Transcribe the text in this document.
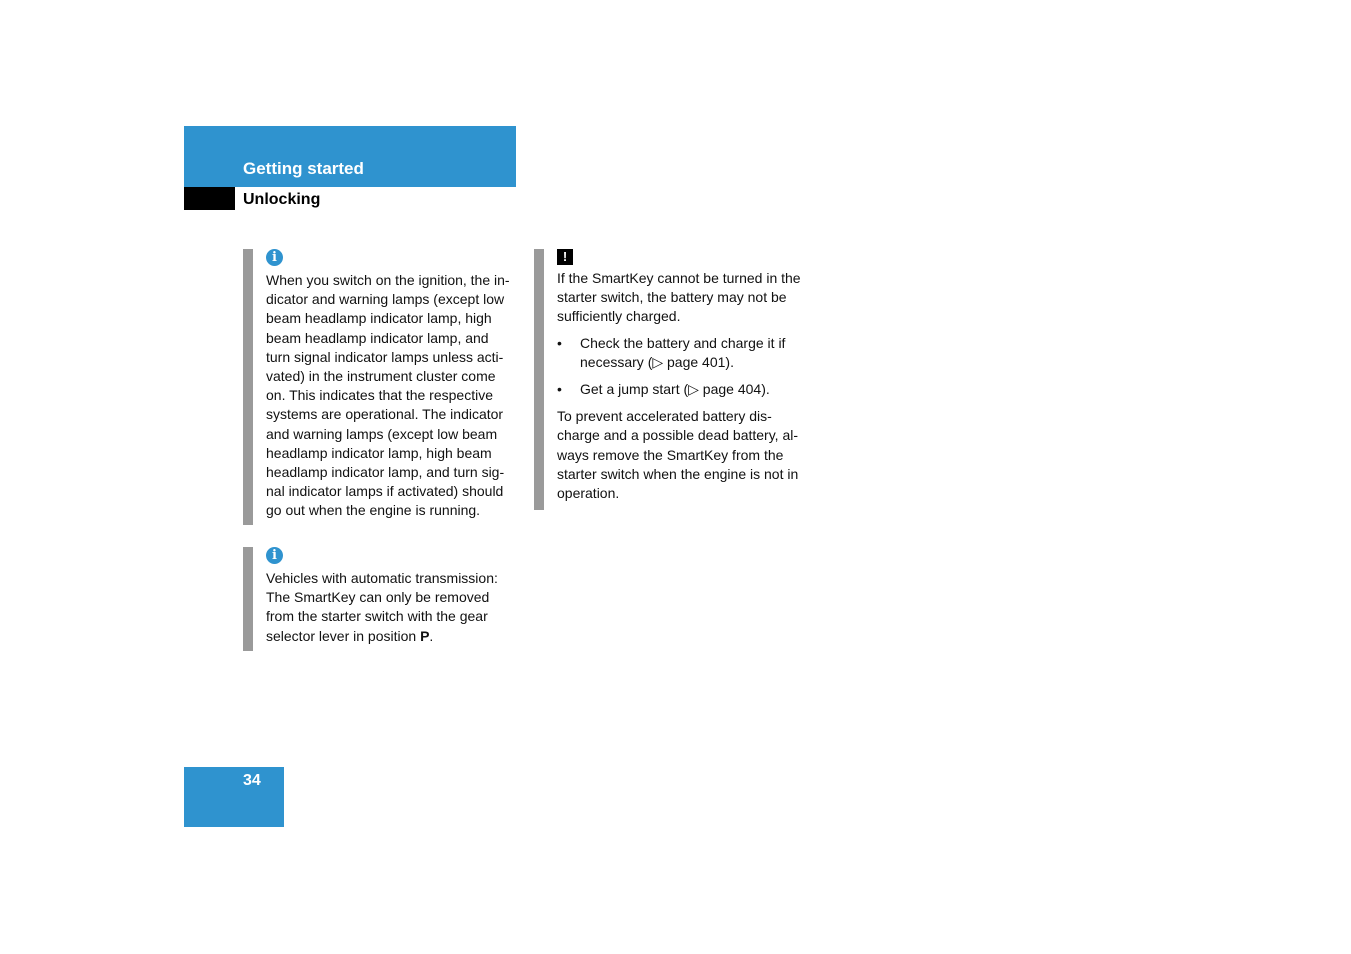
Getting started
Unlocking
i
When you switch on the ignition, the in-
dicator and warning lamps (except low
beam headlamp indicator lamp, high
beam headlamp indicator lamp, and
turn signal indicator lamps unless acti-
vated) in the instrument cluster come
on. This indicates that the respective
systems are operational. The indicator
and warning lamps (except low beam
headlamp indicator lamp, high beam
headlamp indicator lamp, and turn sig-
nal indicator lamps if activated) should
go out when the engine is running.
i
Vehicles with automatic transmission:
The SmartKey can only be removed
from the starter switch with the gear
selector lever in position P.
!
If the SmartKey cannot be turned in the
starter switch, the battery may not be
sufficiently charged.
• Check the battery and charge it if
necessary (▷ page 401).
• Get a jump start (▷ page 404).
To prevent accelerated battery dis-
charge and a possible dead battery, al-
ways remove the SmartKey from the
starter switch when the engine is not in
operation.
34
